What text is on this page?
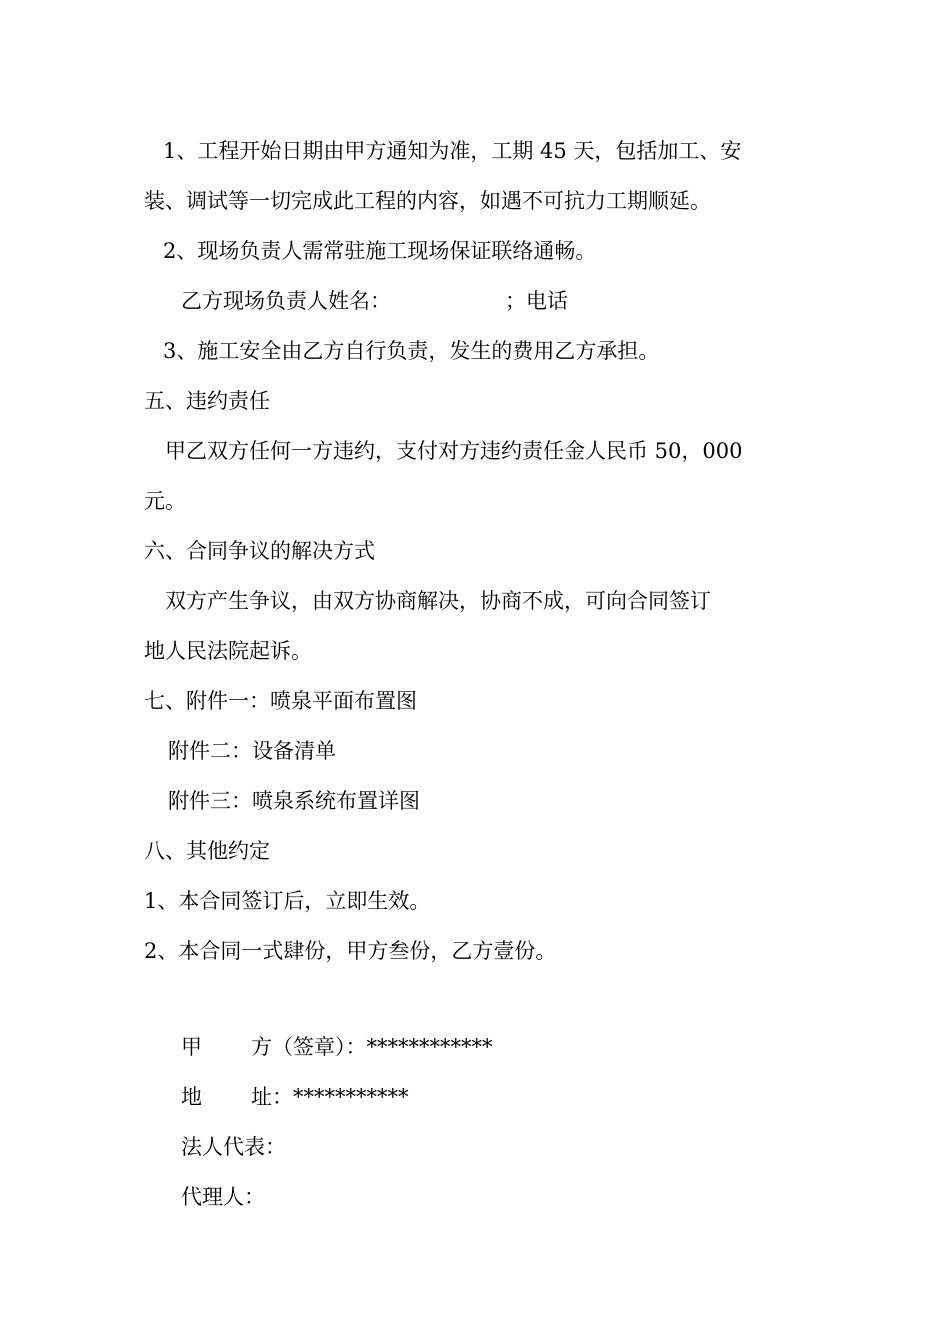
1、工程开始日期由甲方通知为准，工期 45 天，包括加工、安
装、调试等一切完成此工程的内容，如遇不可抗力工期顺延。
2、现场负责人需常驻施工现场保证联络通畅。
乙方现场负责人姓名：	；电话
3、施工安全由乙方自行负责，发生的费用乙方承担。
五、违约责任
甲乙双方任何一方违约，支付对方违约责任金人民币 50，000
元。
六、合同争议的解决方式
双方产生争议，由双方协商解决，协商不成，可向合同签订
地人民法院起诉。
七、附件一：喷泉平面布置图
附件二：设备清单
附件三：喷泉系统布置详图
八、其他约定
1、本合同签订后，立即生效。
2、本合同一式肆份，甲方叁份，乙方壹份。
甲 方（签章）：************
地 址：***********
法人代表：
代理人：
